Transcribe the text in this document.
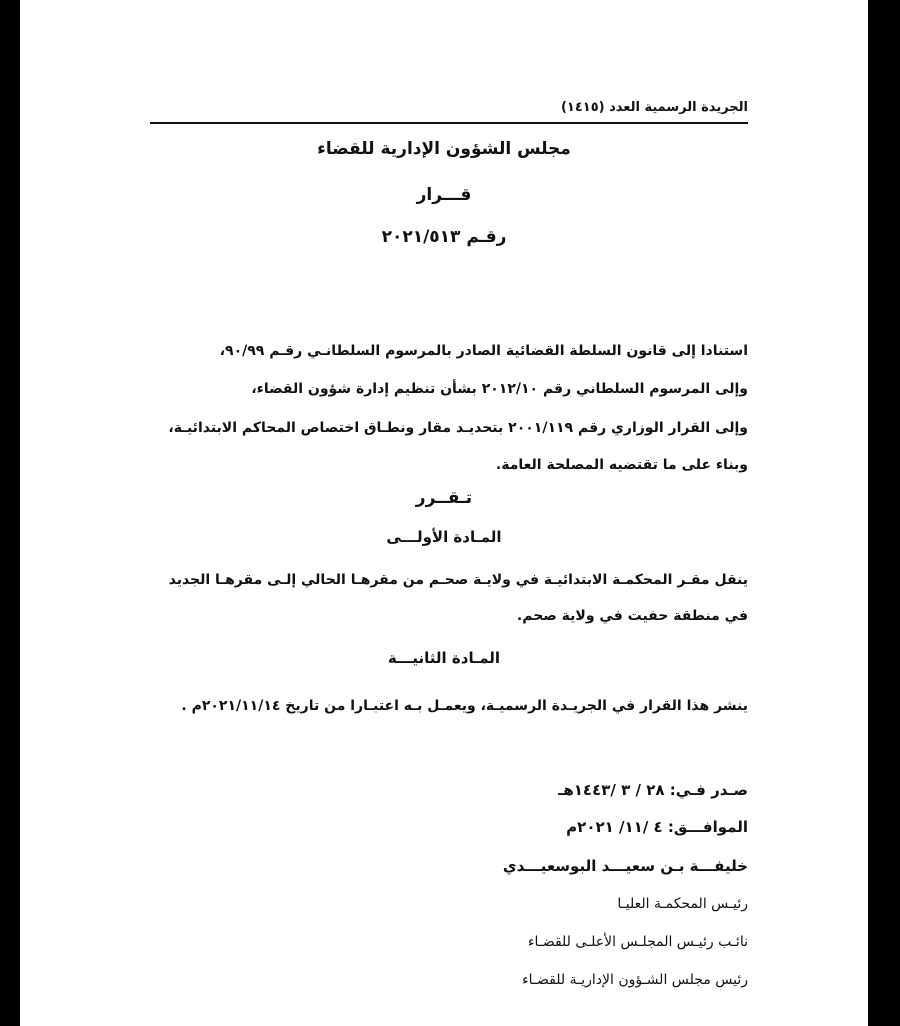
الجريدة الرسمية العدد (١٤١٥)
مجلس الشؤون الإدارية للقضاء
قـــرار
رقـم ٢٠٢١/٥١٣
استنادا إلى قانون السلطة القضائية الصادر بالمرسوم السلطانـي رقـم ٩٠/٩٩،
وإلى المرسوم السلطاني رقم ٢٠١٢/١٠ بشأن تنظيم إدارة شؤون القضاء،
وإلى القرار الوزاري رقم ٢٠٠١/١١٩ بتحديـد مقار ونطـاق اختصاص المحاكم الابتدائيـة،
وبناء على ما تقتضيه المصلحة العامة.
تـقــرر
المـادة الأولـــى
ينقل مقـر المحكمـة الابتدائيـة في ولايـة صحـم من مقرهـا الحالي إلـى مقرهـا الجديد
في منطقة حفيت في ولاية صحم.
المـادة الثانيـــة
ينشر هذا القرار في الجريـدة الرسميـة، ويعمـل بـه اعتبـارا من تاريخ ٢٠٢١/١١/١٤م .
صـدر فـي: ٢٨ / ٣ /١٤٤٣هـ
الموافـــق: ٤ /١١/ ٢٠٢١م
خليفـــة بـن سعيـــد البوسعيـــدي
رئيـس المحكمـة العليـا
نائـب رئيـس المجلـس الأعلـى للقضـاء
رئيس مجلس الشـؤون الإداريـة للقضـاء
